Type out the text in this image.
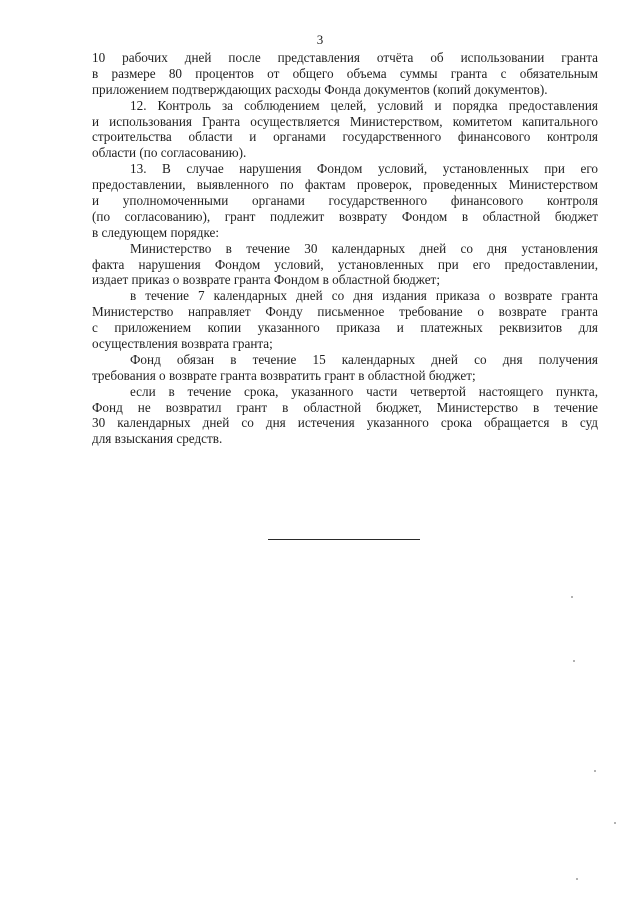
3
10 рабочих дней после представления отчёта об использовании гранта
в размере 80 процентов от общего объема суммы гранта с обязательным
приложением подтверждающих расходы Фонда документов (копий документов).
12. Контроль за соблюдением целей, условий и порядка предоставления
и использования Гранта осуществляется Министерством, комитетом капитального
строительства области и органами государственного финансового контроля
области (по согласованию).
13. В случае нарушения Фондом условий, установленных при его
предоставлении, выявленного по фактам проверок, проведенных Министерством
и уполномоченными органами государственного финансового контроля
(по согласованию), грант подлежит возврату Фондом в областной бюджет
в следующем порядке:
Министерство в течение 30 календарных дней со дня установления
факта нарушения Фондом условий, установленных при его предоставлении,
издает приказ о возврате гранта Фондом в областной бюджет;
в течение 7 календарных дней со дня издания приказа о возврате гранта
Министерство направляет Фонду письменное требование о возврате гранта
с приложением копии указанного приказа и платежных реквизитов для
осуществления возврата гранта;
Фонд обязан в течение 15 календарных дней со дня получения
требования о возврате гранта возвратить грант в областной бюджет;
если в течение срока, указанного части четвертой настоящего пункта,
Фонд не возвратил грант в областной бюджет, Министерство в течение
30 календарных дней со дня истечения указанного срока обращается в суд
для взыскания средств.
